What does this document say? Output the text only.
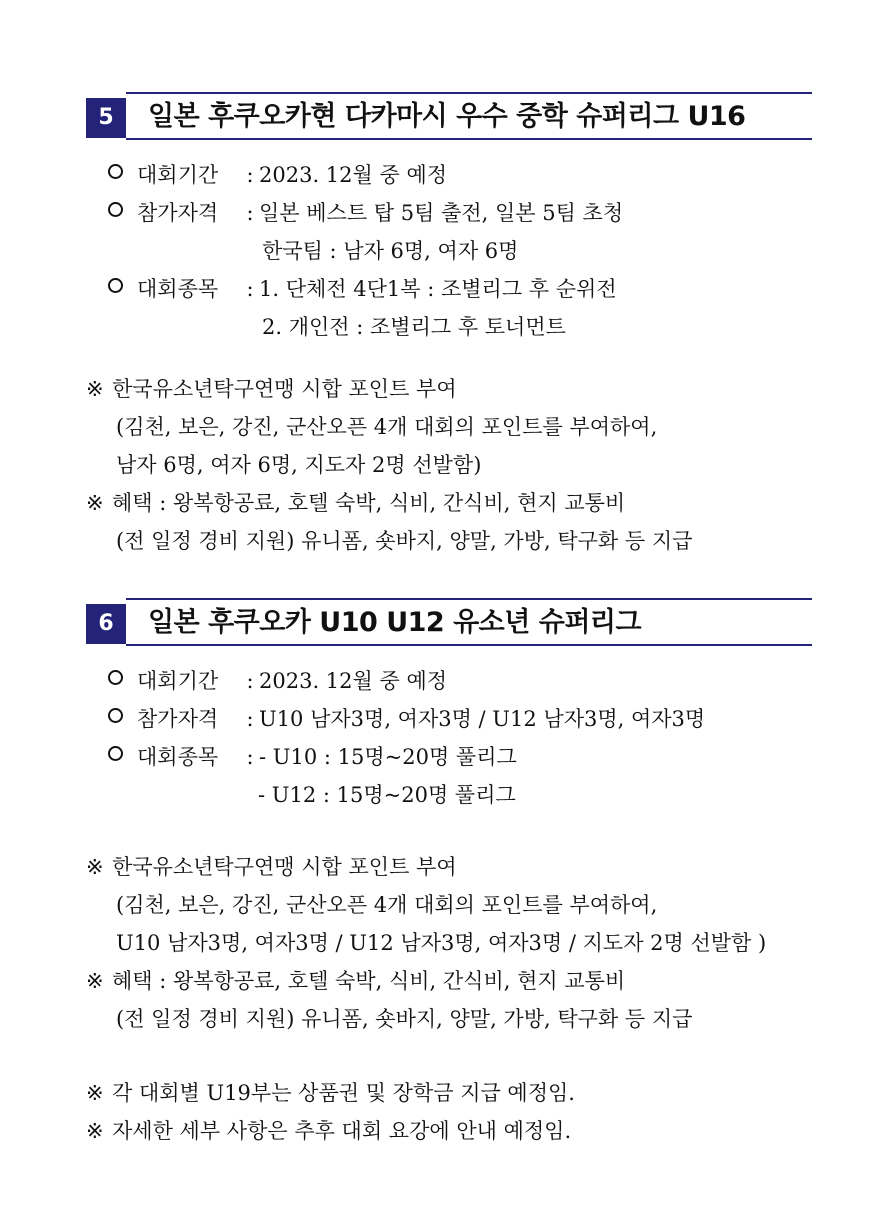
5	일본 후쿠오카현 다카마시 우수 중학 슈퍼리그 U16
대회기간 : 2023. 12월 중 예정
참가자격 : 일본 베스트 탑 5팀 출전, 일본 5팀 초청
한국팀 : 남자 6명, 여자 6명
대회종목 : 1. 단체전 4단1복 : 조별리그 후 순위전
2. 개인전 : 조별리그 후 토너먼트
※ 한국유소년탁구연맹 시합 포인트 부여
(김천, 보은, 강진, 군산오픈 4개 대회의 포인트를 부여하여,
남자 6명, 여자 6명, 지도자 2명 선발함)
※ 혜택 : 왕복항공료, 호텔 숙박, 식비, 간식비, 현지 교통비
(전 일정 경비 지원) 유니폼, 숏바지, 양말, 가방, 탁구화 등 지급
6	일본 후쿠오카 U10 U12 유소년 슈퍼리그
대회기간 : 2023. 12월 중 예정
참가자격 : U10 남자3명, 여자3명 / U12 남자3명, 여자3명
대회종목 : - U10 : 15명~20명 풀리그
- U12 : 15명~20명 풀리그
※ 한국유소년탁구연맹 시합 포인트 부여
(김천, 보은, 강진, 군산오픈 4개 대회의 포인트를 부여하여,
U10 남자3명, 여자3명 / U12 남자3명, 여자3명 / 지도자 2명 선발함 )
※ 혜택 : 왕복항공료, 호텔 숙박, 식비, 간식비, 현지 교통비
(전 일정 경비 지원) 유니폼, 숏바지, 양말, 가방, 탁구화 등 지급
※ 각 대회별 U19부는 상품권 및 장학금 지급 예정임.
※ 자세한 세부 사항은 추후 대회 요강에 안내 예정임.
